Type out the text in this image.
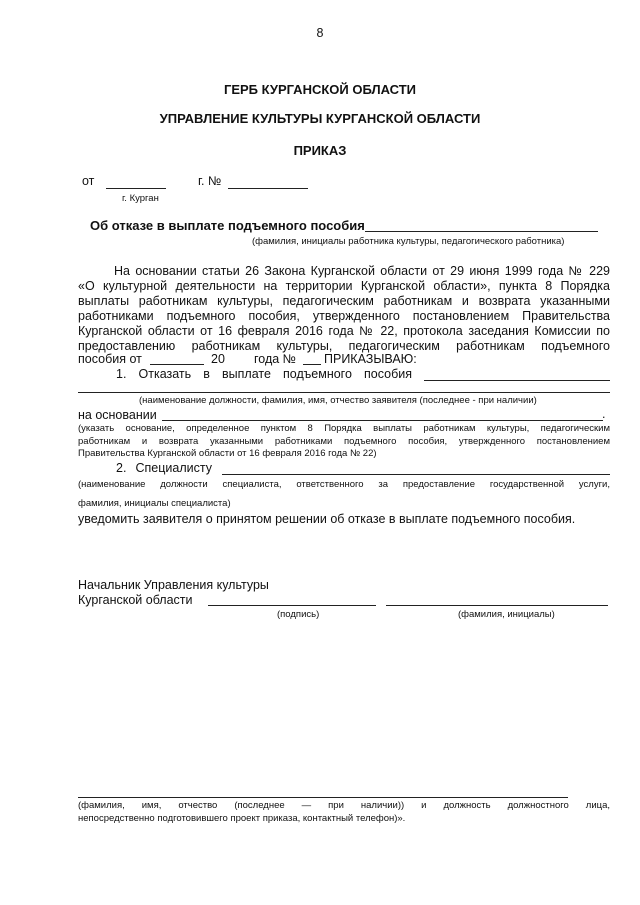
8
ГЕРБ КУРГАНСКОЙ ОБЛАСТИ
УПРАВЛЕНИЕ КУЛЬТУРЫ КУРГАНСКОЙ ОБЛАСТИ
ПРИКАЗ
от	г. №
г. Курган
Об отказе в выплате подъемного пособия
(фамилия, инициалы работника культуры, педагогического работника)
На основании статьи 26 Закона Курганской области от 29 июня 1999 года № 229
«О культурной деятельности на территории Курганской области», пункта 8 Порядка
выплаты работникам культуры, педагогическим работникам и возврата указанными
работниками подъемного пособия, утвержденного постановлением Правительства
Курганской области от 16 февраля 2016 года № 22, протокола заседания Комиссии по
предоставлению работникам культуры, педагогическим работникам подъемного
пособия от	20 года № ПРИКАЗЫВАЮ:
1. Отказать в выплате подъемного пособия
(наименование должности, фамилия, имя, отчество заявителя (последнее - при наличии)
на основании	.
(указать основание, определенное пунктом 8 Порядка выплаты работникам культуры, педагогическим
работникам и возврата указанными работниками подъемного пособия, утвержденного постановлением
Правительства Курганской области от 16 февраля 2016 года № 22)
2. Специалисту
(наименование должности специалиста, ответственного за предоставление государственной услуги,
фамилия, инициалы специалиста)
уведомить заявителя о принятом решении об отказе в выплате подъемного пособия.
Начальник Управления культуры
Курганской области
(подпись)	(фамилия, инициалы)
(фамилия, имя, отчество (последнее — при наличии)) и должность должностного лица,
непосредственно подготовившего проект приказа, контактный телефон)».
